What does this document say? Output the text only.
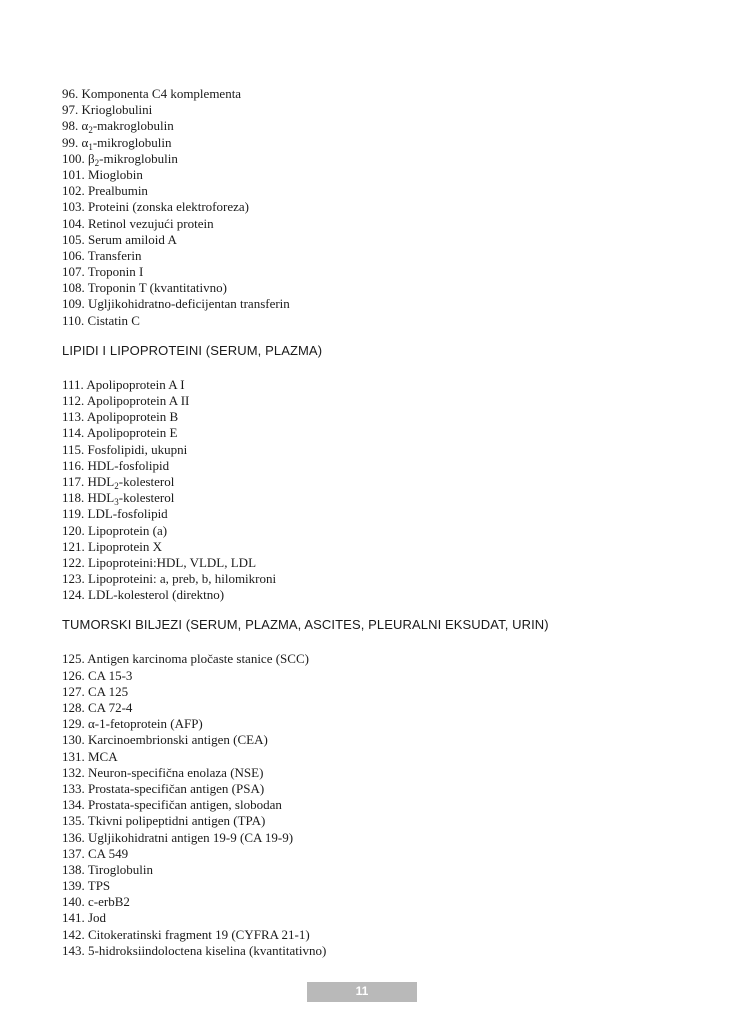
96. Komponenta C4 komplementa
97. Krioglobulini
98. $\alpha_2$-makroglobulin
99. $\alpha_1$-mikroglobulin
100. $\beta_2$-mikroglobulin
101. Mioglobin
102. Prealbumin
103. Proteini (zonska elektroforeza)
104. Retinol vezujući protein
105. Serum amiloid A
106. Transferin
107. Troponin I
108. Troponin T (kvantitativno)
109. Ugljikohidratno-deficijentan transferin
110. Cistatin C
LIPIDI I LIPOPROTEINI (SERUM, PLAZMA)
111. Apolipoprotein A I
112. Apolipoprotein A II
113. Apolipoprotein B
114. Apolipoprotein E
115. Fosfolipidi, ukupni
116. HDL-fosfolipid
117. $HDL_2$-kolesterol
118. $HDL_3$-kolesterol
119. LDL-fosfolipid
120. Lipoprotein (a)
121. Lipoprotein X
122. Lipoproteini:HDL, VLDL, LDL
123. Lipoproteini: a, preb, b, hilomikroni
124. LDL-kolesterol (direktno)
TUMORSKI BILJEZI (SERUM, PLAZMA, ASCITES, PLEURALNI EKSUDAT, URIN)
125. Antigen karcinoma pločaste stanice (SCC)
126. CA 15-3
127. CA 125
128. CA 72-4
129. α-1-fetoprotein (AFP)
130. Karcinoembrionski antigen (CEA)
131. MCA
132. Neuron-specifična enolaza (NSE)
133. Prostata-specifičan antigen (PSA)
134. Prostata-specifičan antigen, slobodan
135. Tkivni polipeptidni antigen (TPA)
136. Ugljikohidratni antigen 19-9 (CA 19-9)
137. CA 549
138. Tiroglobulin
139. TPS
140. c-erbB2
141. Jod
142. Citokeratinski fragment 19 (CYFRA 21-1)
143. 5-hidroksiindoloctena kiselina (kvantitativno)
11
